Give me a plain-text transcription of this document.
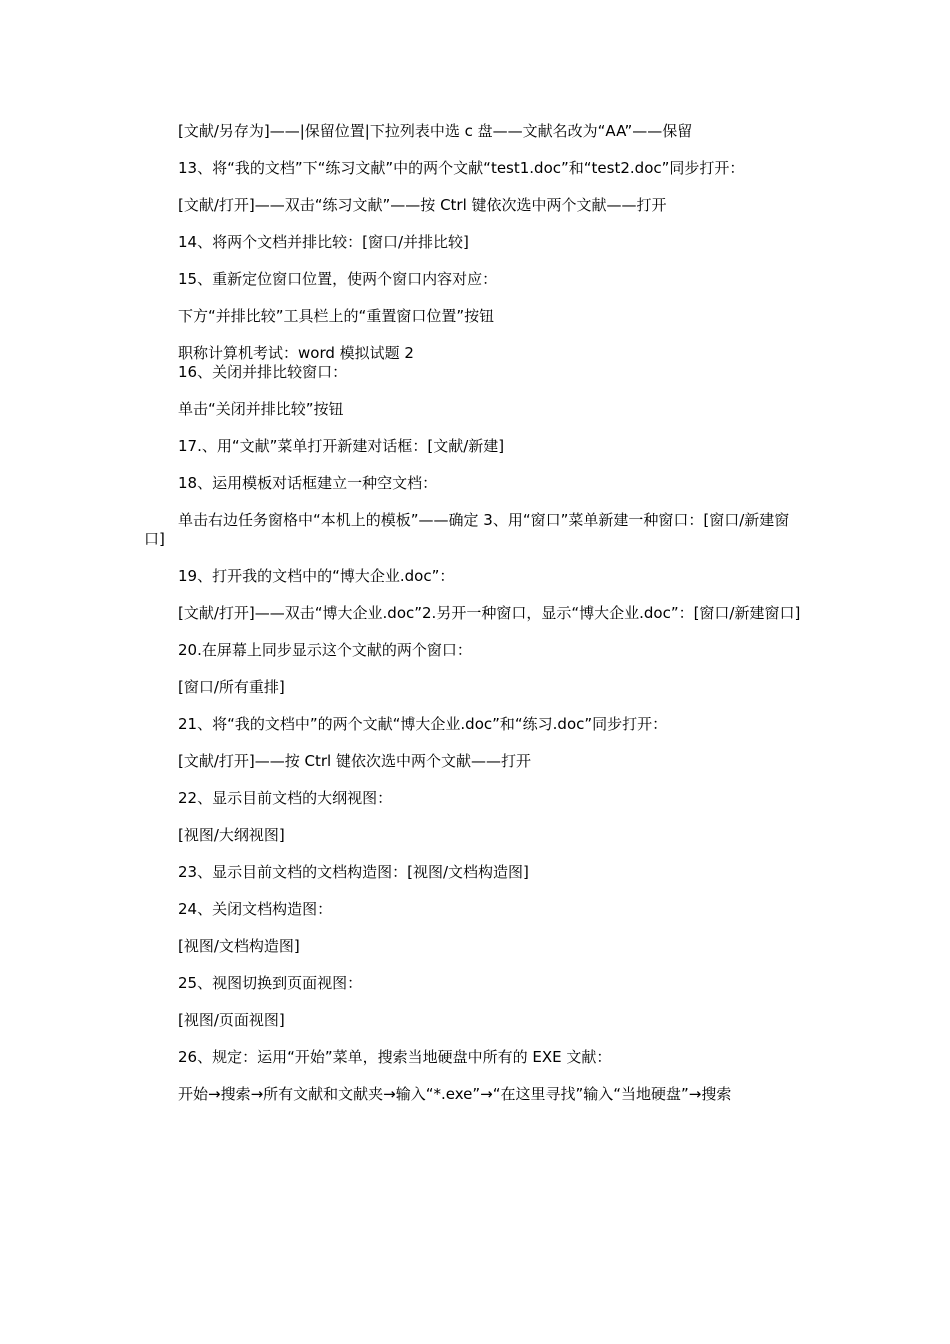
[文献/另存为]——|保留位置|下拉列表中选 c 盘——文献名改为“AA”——保留

13、将“我的文档”下“练习文献”中的两个文献“test1.doc”和“test2.doc”同步打开：

[文献/打开]——双击“练习文献”——按 Ctrl 键依次选中两个文献——打开

14、将两个文档并排比较：[窗口/并排比较]

15、重新定位窗口位置，使两个窗口内容对应：

下方“并排比较”工具栏上的“重置窗口位置”按钮

职称计算机考试：word 模拟试题 2

16、关闭并排比较窗口：

单击“关闭并排比较”按钮

17.、用“文献”菜单打开新建对话框：[文献/新建]

18、运用模板对话框建立一种空文档：

单击右边任务窗格中“本机上的模板”——确定 3、用“窗口”菜单新建一种窗口：[窗口/新建窗口]

19、打开我的文档中的“博大企业.doc”：

[文献/打开]——双击“博大企业.doc”2.另开一种窗口，显示“博大企业.doc”：[窗口/新建窗口]

20.在屏幕上同步显示这个文献的两个窗口：

[窗口/所有重排]

21、将“我的文档中”的两个文献“博大企业.doc”和“练习.doc”同步打开：

[文献/打开]——按 Ctrl 键依次选中两个文献——打开

22、显示目前文档的大纲视图：

[视图/大纲视图]

23、显示目前文档的文档构造图：[视图/文档构造图]

24、关闭文档构造图：

[视图/文档构造图]

25、视图切换到页面视图：

[视图/页面视图]

26、规定：运用“开始”菜单，搜索当地硬盘中所有的 EXE 文献：

开始→搜索→所有文献和文献夹→输入“*.exe”→“在这里寻找”输入“当地硬盘”→搜索
